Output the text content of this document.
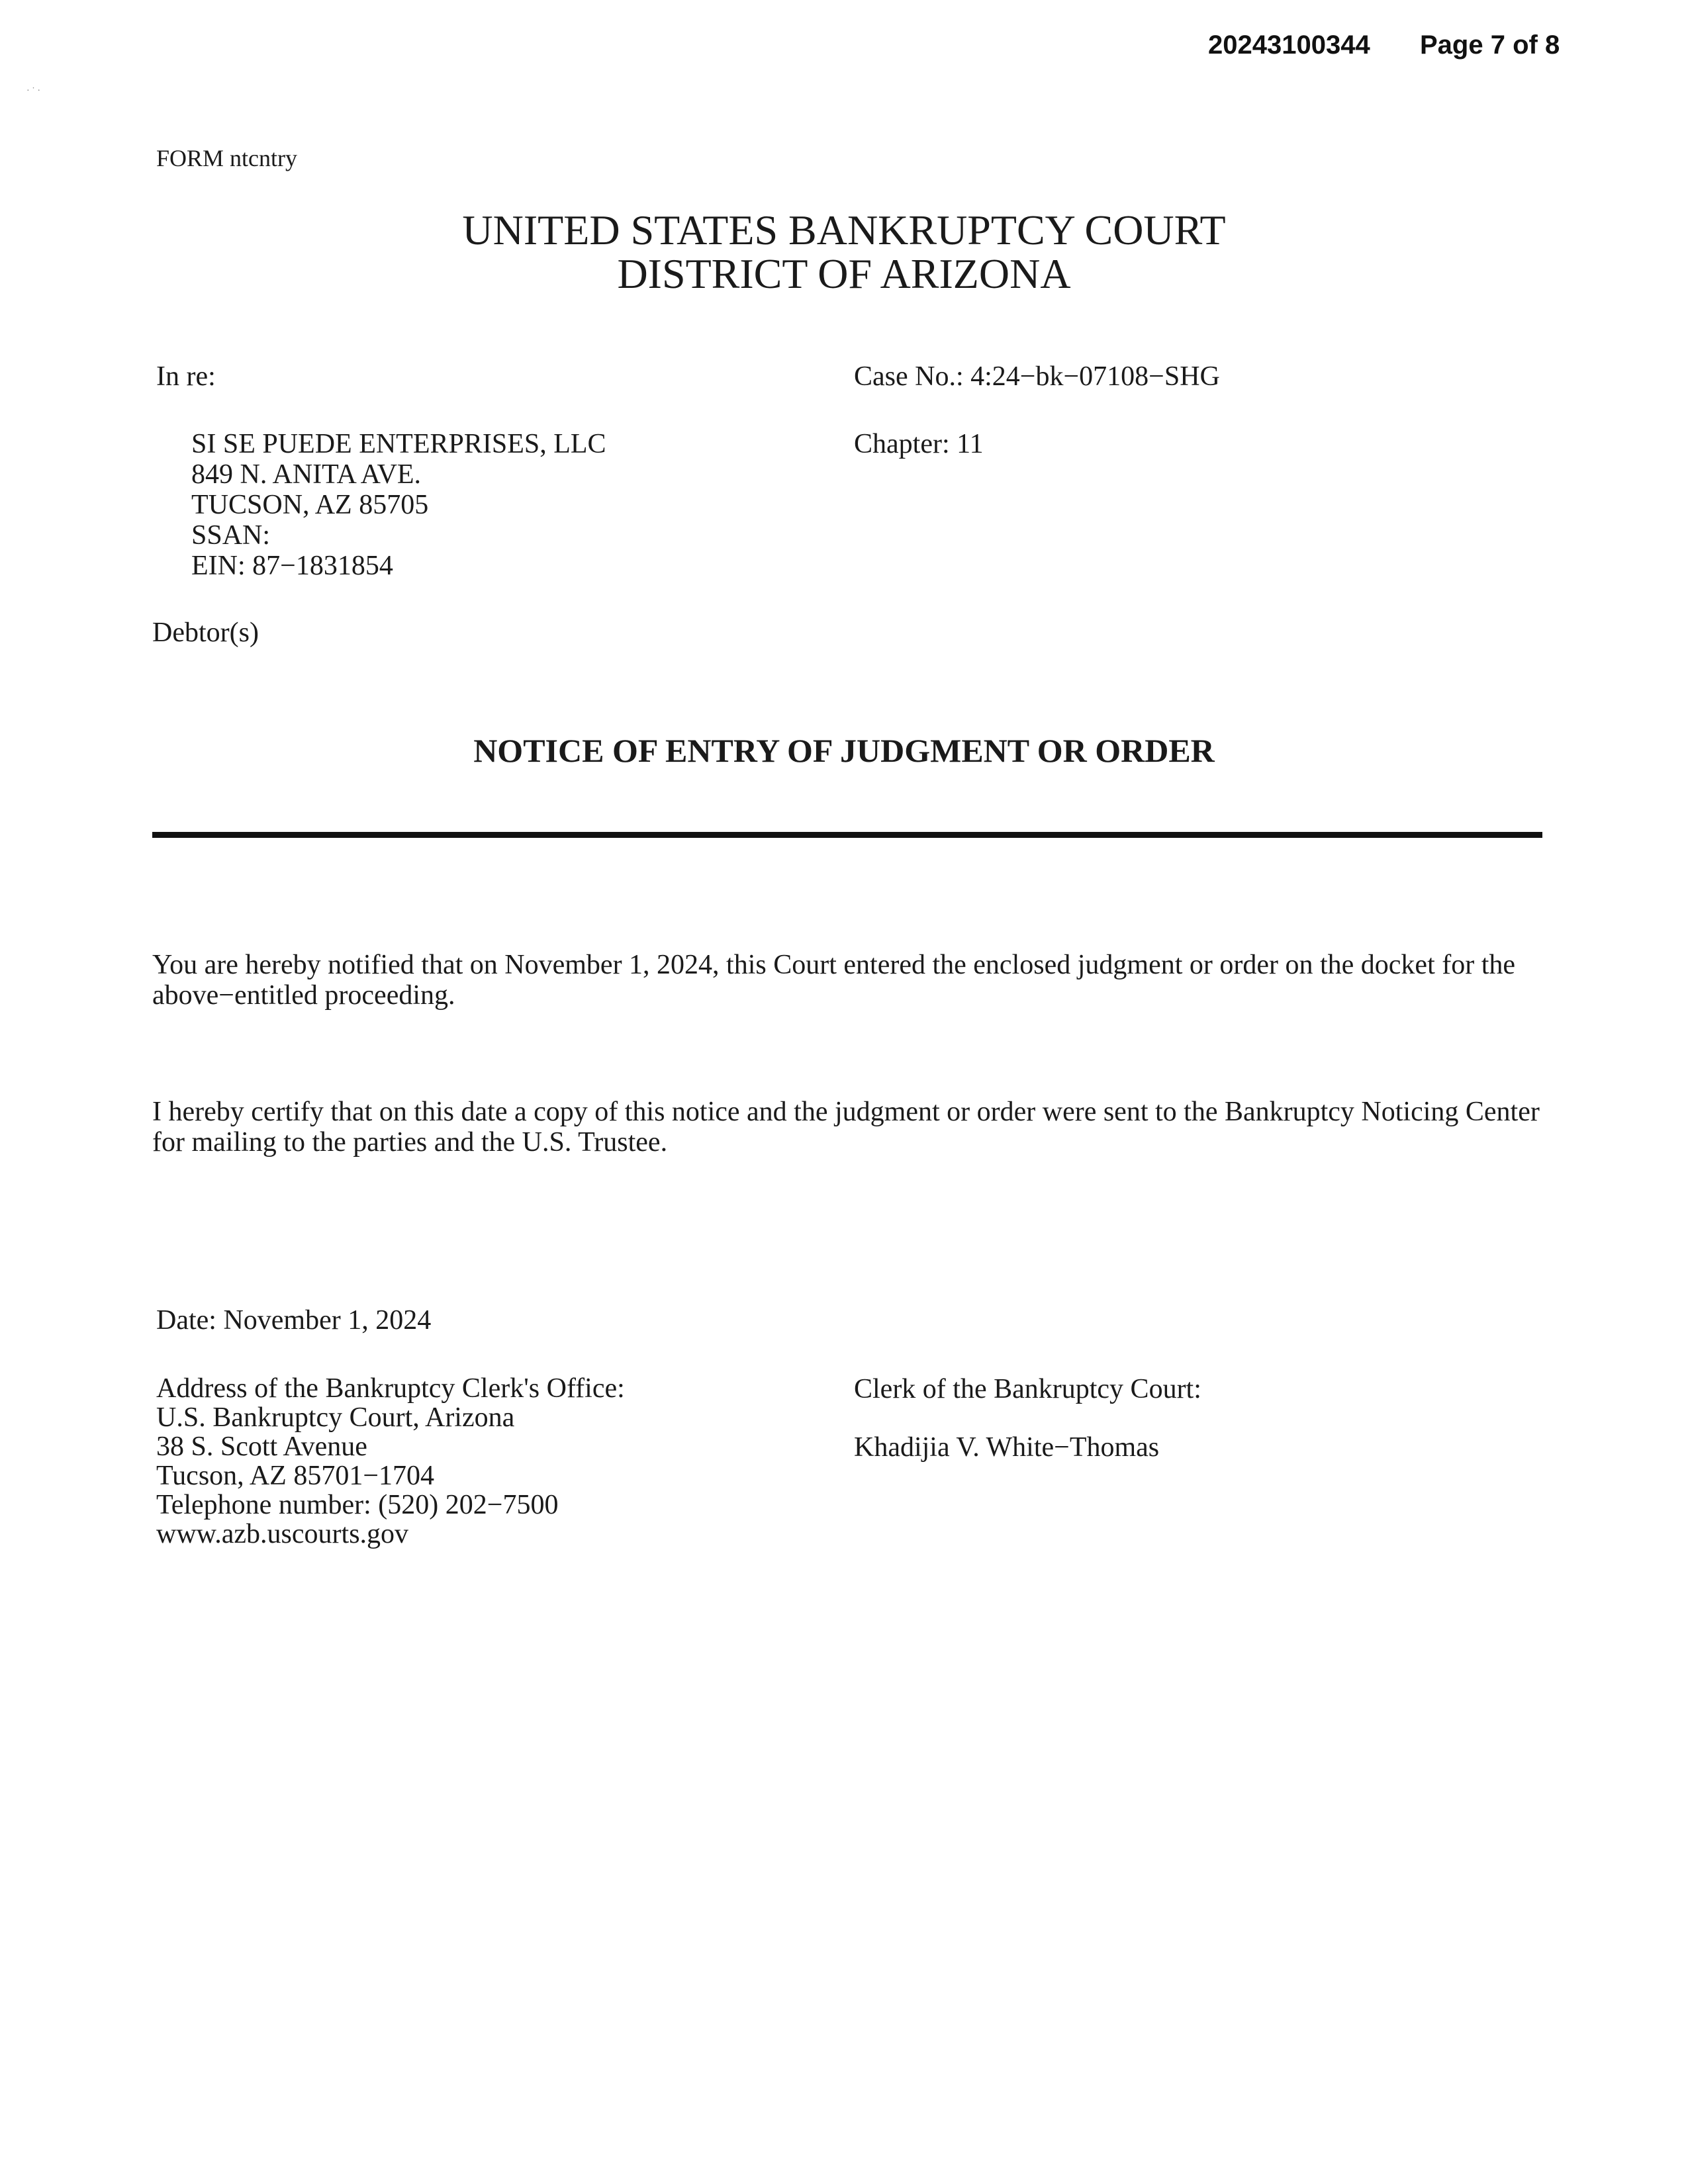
20243100344 Page 7 of 8
· ˙ ·
FORM ntcntry
UNITED STATES BANKRUPTCY COURT
DISTRICT OF ARIZONA
In re:	Case No.: 4:24−bk−07108−SHG
Chapter: 11
SI SE PUEDE ENTERPRISES, LLC
849 N. ANITA AVE.
TUCSON, AZ 85705
SSAN:
EIN: 87−1831854
Debtor(s)
NOTICE OF ENTRY OF JUDGMENT OR ORDER
You are hereby notified that on November 1, 2024, this Court entered the enclosed judgment or order on the docket for the above−entitled proceeding.
I hereby certify that on this date a copy of this notice and the judgment or order were sent to the Bankruptcy Noticing Center for mailing to the parties and the U.S. Trustee.
Date: November 1, 2024
Address of the Bankruptcy Clerk's Office:
U.S. Bankruptcy Court, Arizona
38 S. Scott Avenue
Tucson, AZ 85701−1704
Telephone number: (520) 202−7500
www.azb.uscourts.gov
Clerk of the Bankruptcy Court:
Khadijia V. White−Thomas
